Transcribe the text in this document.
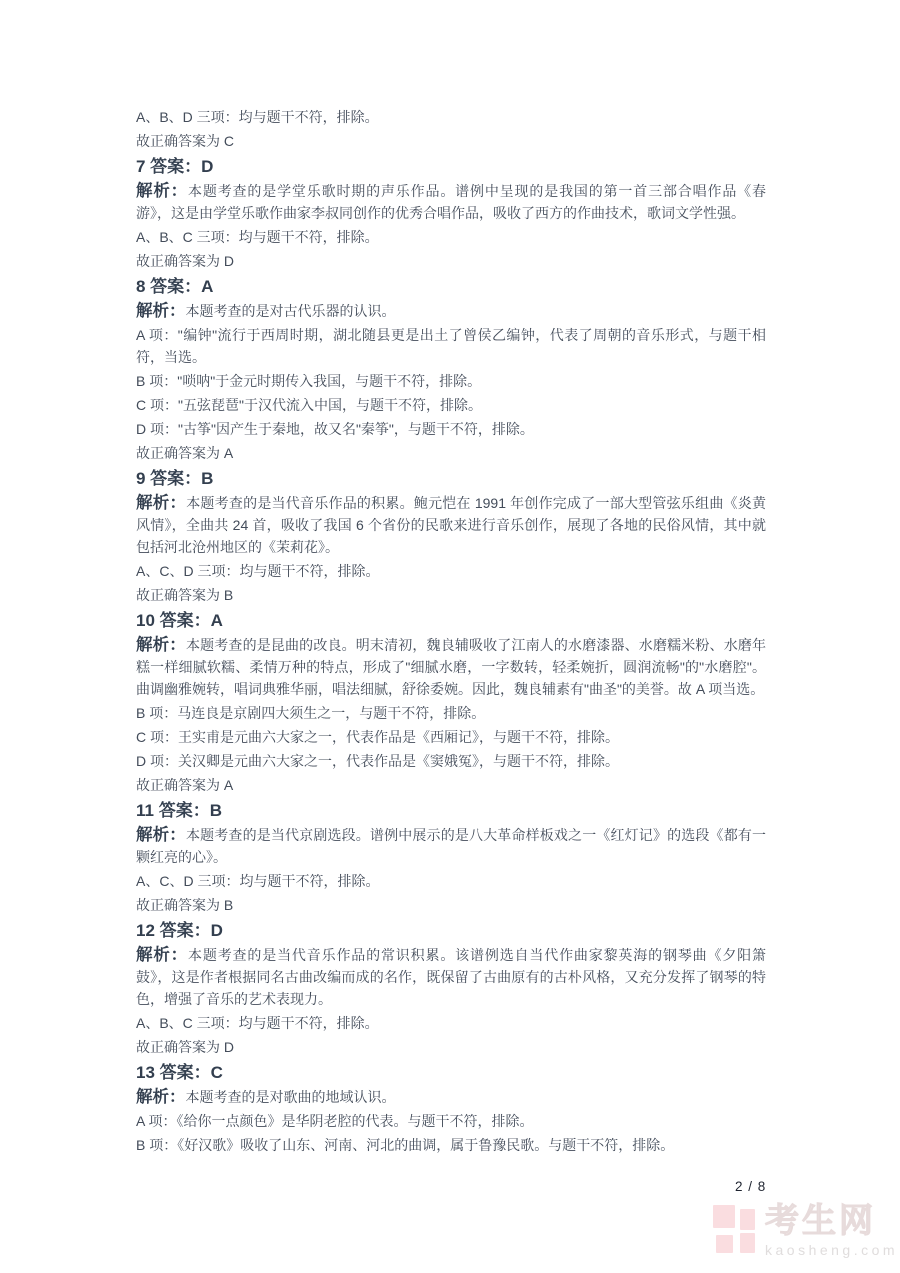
A、B、D 三项：均与题干不符，排除。

故正确答案为 C

7 答案：D

解析：本题考查的是学堂乐歌时期的声乐作品。谱例中呈现的是我国的第一首三部合唱作品《春游》，这是由学堂乐歌作曲家李叔同创作的优秀合唱作品，吸收了西方的作曲技术，歌词文学性强。

A、B、C 三项：均与题干不符，排除。

故正确答案为 D

8 答案：A

解析：本题考查的是对古代乐器的认识。

A 项："编钟"流行于西周时期，湖北随县更是出土了曾侯乙编钟，代表了周朝的音乐形式，与题干相符，当选。

B 项："唢呐"于金元时期传入我国，与题干不符，排除。

C 项："五弦琵琶"于汉代流入中国，与题干不符，排除。

D 项："古筝"因产生于秦地，故又名"秦筝"，与题干不符，排除。

故正确答案为 A

9 答案：B

解析：本题考查的是当代音乐作品的积累。鲍元恺在 1991 年创作完成了一部大型管弦乐组曲《炎黄风情》，全曲共 24 首，吸收了我国 6 个省份的民歌来进行音乐创作，展现了各地的民俗风情，其中就包括河北沧州地区的《茉莉花》。

A、C、D 三项：均与题干不符，排除。

故正确答案为 B

10 答案：A

解析：本题考查的是昆曲的改良。明末清初，魏良辅吸收了江南人的水磨漆器、水磨糯米粉、水磨年糕一样细腻软糯、柔情万种的特点，形成了"细腻水磨，一字数转，轻柔婉折，圆润流畅"的"水磨腔"。曲调幽雅婉转，唱词典雅华丽，唱法细腻，舒徐委婉。因此，魏良辅素有"曲圣"的美誉。故 A 项当选。

B 项：马连良是京剧四大须生之一，与题干不符，排除。

C 项：王实甫是元曲六大家之一，代表作品是《西厢记》，与题干不符，排除。

D 项：关汉卿是元曲六大家之一，代表作品是《窦娥冤》，与题干不符，排除。

故正确答案为 A

11 答案：B

解析：本题考查的是当代京剧选段。谱例中展示的是八大革命样板戏之一《红灯记》的选段《都有一颗红亮的心》。

A、C、D 三项：均与题干不符，排除。

故正确答案为 B

12 答案：D

解析：本题考查的是当代音乐作品的常识积累。该谱例选自当代作曲家黎英海的钢琴曲《夕阳箫鼓》，这是作者根据同名古曲改编而成的名作，既保留了古曲原有的古朴风格，又充分发挥了钢琴的特色，增强了音乐的艺术表现力。

A、B、C 三项：均与题干不符，排除。

故正确答案为 D

13 答案：C

解析：本题考查的是对歌曲的地域认识。

A 项：《给你一点颜色》是华阴老腔的代表。与题干不符，排除。

B 项：《好汉歌》吸收了山东、河南、河北的曲调，属于鲁豫民歌。与题干不符，排除。

2 / 8
考生网
kaosheng.com
